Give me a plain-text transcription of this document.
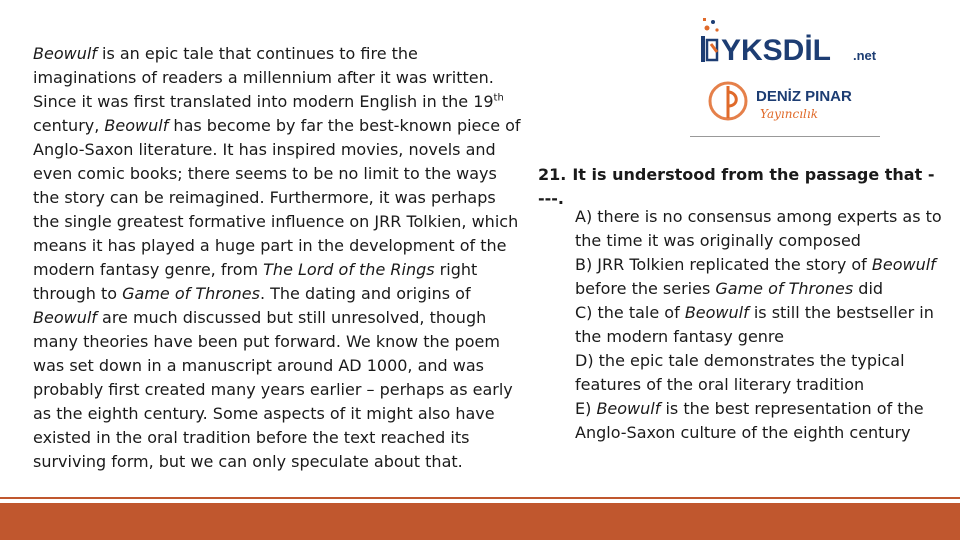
Beowulf is an epic tale that continues to fire the imaginations of readers a millennium after it was written. Since it was first translated into modern English in the 19th century, Beowulf has become by far the best-known piece of Anglo-Saxon literature. It has inspired movies, novels and even comic books; there seems to be no limit to the ways the story can be reimagined. Furthermore, it was perhaps the single greatest formative influence on JRR Tolkien, which means it has played a huge part in the development of the modern fantasy genre, from The Lord of the Rings right through to Game of Thrones. The dating and origins of Beowulf are much discussed but still unresolved, though many theories have been put forward. We know the poem was set down in a manuscript around AD 1000, and was probably first created many years earlier – perhaps as early as the eighth century. Some aspects of it might also have existed in the oral tradition before the text reached its surviving form, but we can only speculate about that.

YKSDİL .net
DENİZ PINAR
Yayıncılık

21. It is understood from the passage that ----.

A) there is no consensus among experts as to the time it was originally composed
B) JRR Tolkien replicated the story of Beowulf before the series Game of Thrones did
C) the tale of Beowulf is still the bestseller in the modern fantasy genre
D) the epic tale demonstrates the typical features of the oral literary tradition
E) Beowulf is the best representation of the Anglo-Saxon culture of the eighth century
